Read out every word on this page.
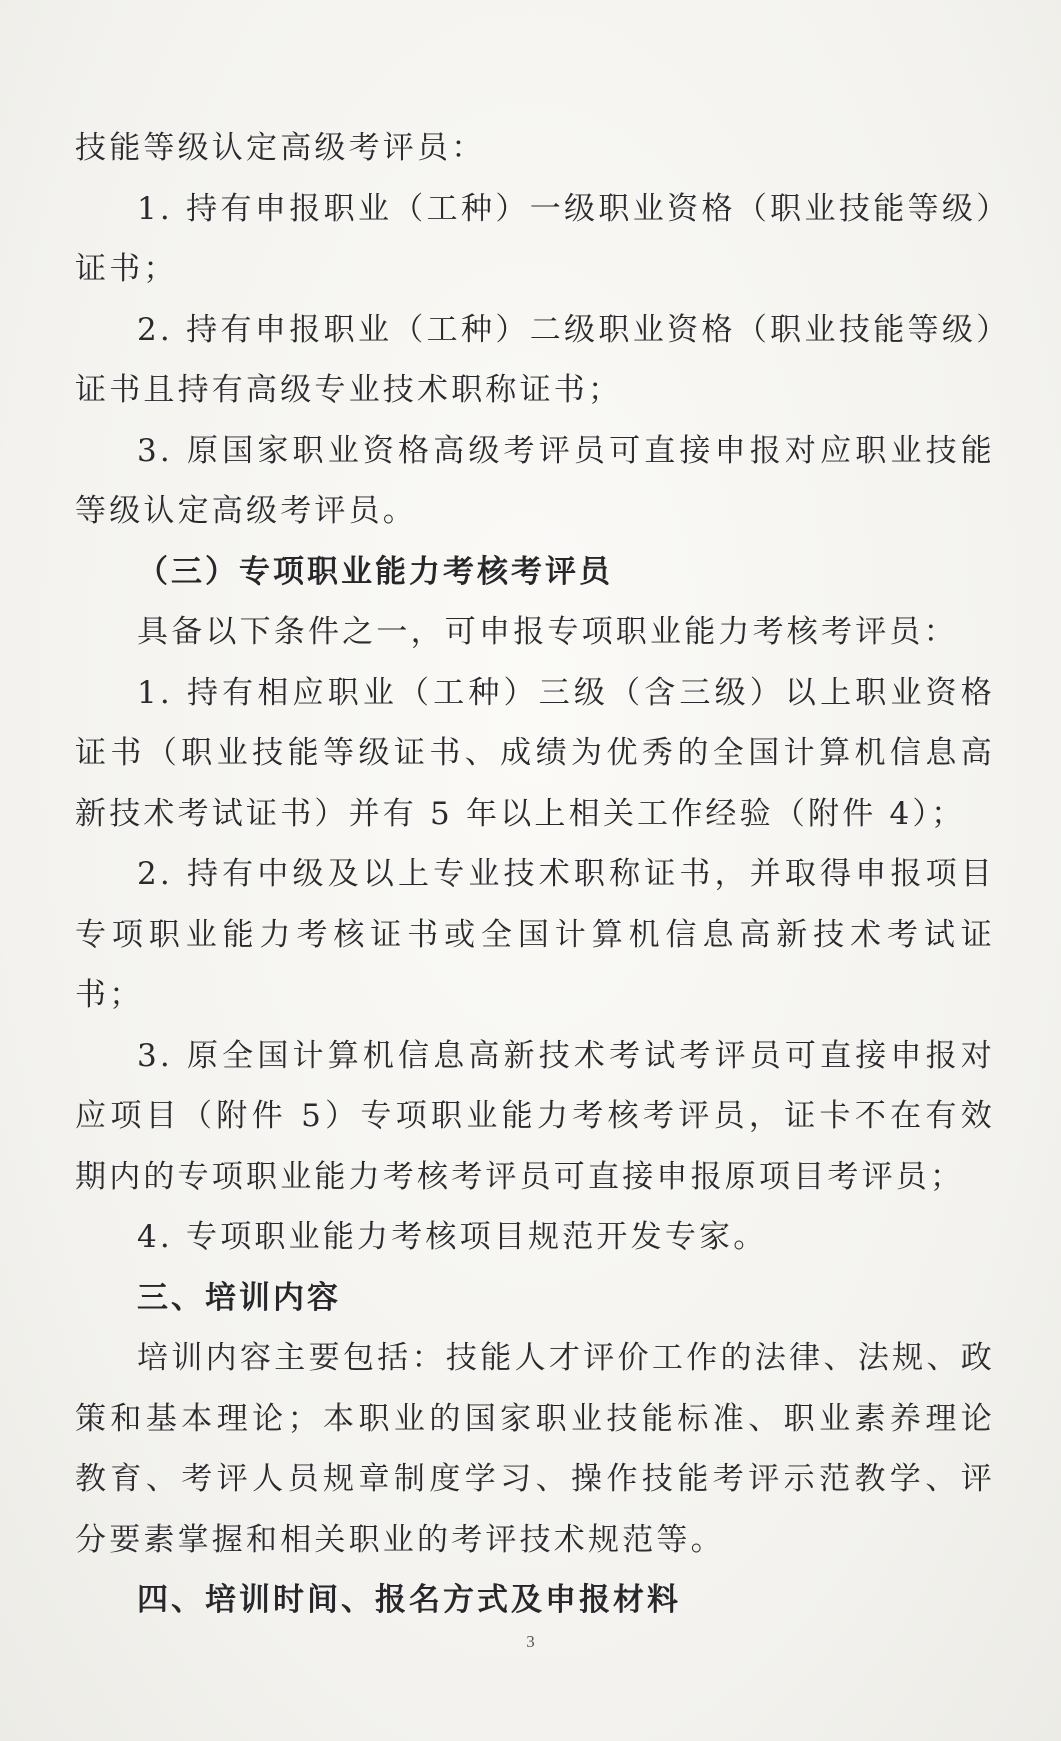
技能等级认定高级考评员：

1. 持有申报职业（工种）一级职业资格（职业技能等级）证书；

2. 持有申报职业（工种）二级职业资格（职业技能等级）证书且持有高级专业技术职称证书；

3. 原国家职业资格高级考评员可直接申报对应职业技能等级认定高级考评员。

（三）专项职业能力考核考评员

具备以下条件之一，可申报专项职业能力考核考评员：

1. 持有相应职业（工种）三级（含三级）以上职业资格证书（职业技能等级证书、成绩为优秀的全国计算机信息高新技术考试证书）并有 5 年以上相关工作经验（附件 4）；

2. 持有中级及以上专业技术职称证书，并取得申报项目专项职业能力考核证书或全国计算机信息高新技术考试证书；

3. 原全国计算机信息高新技术考试考评员可直接申报对应项目（附件 5）专项职业能力考核考评员，证卡不在有效期内的专项职业能力考核考评员可直接申报原项目考评员；

4. 专项职业能力考核项目规范开发专家。

三、培训内容

培训内容主要包括：技能人才评价工作的法律、法规、政策和基本理论；本职业的国家职业技能标准、职业素养理论教育、考评人员规章制度学习、操作技能考评示范教学、评分要素掌握和相关职业的考评技术规范等。

四、培训时间、报名方式及申报材料

3
